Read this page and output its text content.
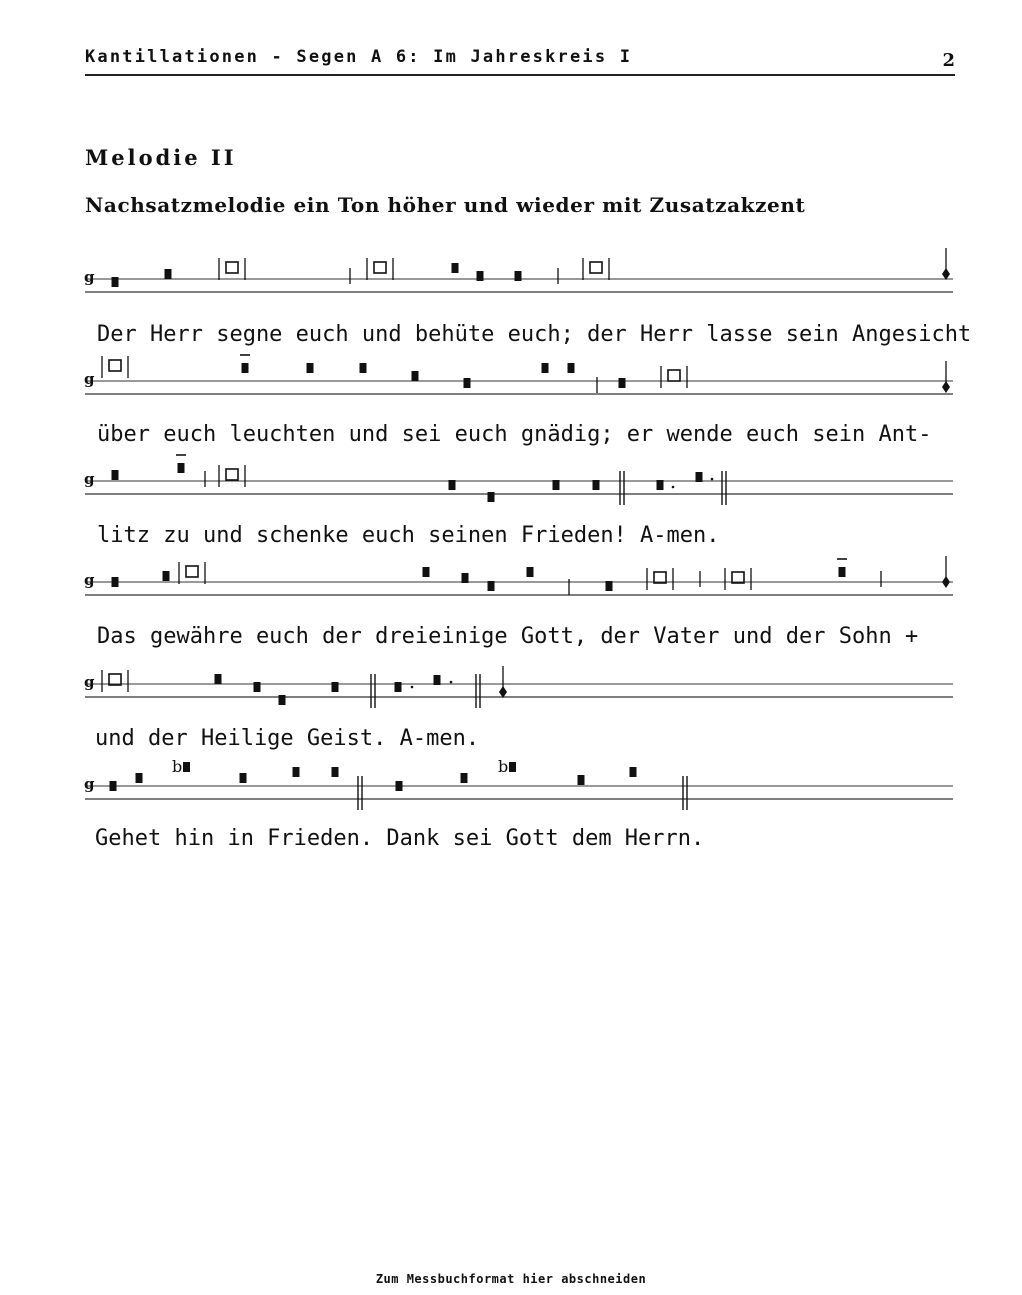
Kantillationen - Segen A 6: Im Jahreskreis I	2
Melodie II
Nachsatzmelodie ein Ton höher und wieder mit Zusatzakzent
g
g
g
g
g
g
b	b
Der Herr segne euch und behüte euch; der Herr lasse sein Angesicht
über euch leuchten und sei euch gnädig; er wende euch sein Ant-
litz zu und schenke euch seinen Frieden! A-men.
Das gewähre euch der dreieinige Gott, der Vater und der Sohn +
und der Heilige Geist. A-men.
Gehet hin in Frieden. Dank sei Gott dem Herrn.
Zum Messbuchformat hier abschneiden
